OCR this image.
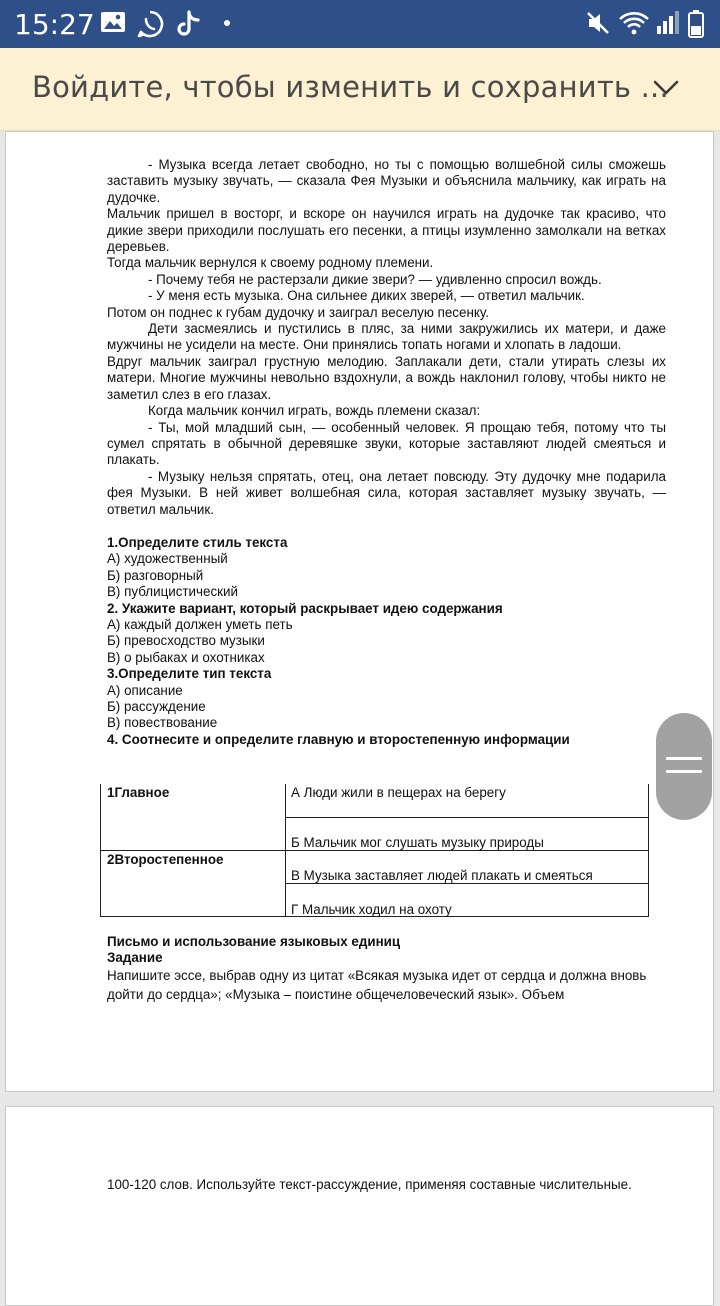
15:27
Войдите, чтобы изменить и сохранить ...

- Музыка всегда летает свободно, но ты с помощью волшебной силы сможешь заставить музыку звучать, — сказала Фея Музыки и объяснила мальчику, как играть на дудочке.

Мальчик пришел в восторг, и вскоре он научился играть на дудочке так красиво, что дикие звери приходили послушать его песенки, а птицы изумленно замолкали на ветках деревьев.

Тогда мальчик вернулся к своему родному племени.

- Почему тебя не растерзали дикие звери? — удивленно спросил вождь.

- У меня есть музыка. Она сильнее диких зверей, — ответил мальчик.

Потом он поднес к губам дудочку и заиграл веселую песенку.

Дети засмеялись и пустились в пляс, за ними закружились их матери, и даже мужчины не усидели на месте. Они принялись топать ногами и хлопать в ладоши.

Вдруг мальчик заиграл грустную мелодию. Заплакали дети, стали утирать слезы их матери. Многие мужчины невольно вздохнули, а вождь наклонил голову, чтобы никто не заметил слез в его глазах.

Когда мальчик кончил играть, вождь племени сказал:

- Ты, мой младший сын, — особенный человек. Я прощаю тебя, потому что ты сумел спрятать в обычной деревяшке звуки, которые заставляют людей смеяться и плакать.

- Музыку нельзя спрятать, отец, она летает повсюду. Эту дудочку мне подарила фея Музыки. В ней живет волшебная сила, которая заставляет музыку звучать, — ответил мальчик.

1.Определите стиль текста

А) художественный

Б) разговорный

В) публицистический

2. Укажите вариант, который раскрывает идею содержания

А) каждый должен уметь петь

Б) превосходство музыки

В) о рыбаках и охотниках

3.Определите тип текста

А) описание

Б) рассуждение

В) повествование

4. Соотнесите и определите главную и второстепенную информации

1Главное
2Второстепенное
А Люди жили в пещерах на берегу
Б Мальчик мог слушать музыку природы
В Музыка заставляет людей плакать и смеяться
Г Мальчик ходил на охоту

Письмо и использование языковых единиц

Задание

Напишите эссе, выбрав одну из цитат «Всякая музыка идет от сердца и должна вновь дойти до сердца»; «Музыка – поистине общечеловеческий язык». Объем

100-120 слов. Используйте текст-рассуждение, применяя составные числительные.
